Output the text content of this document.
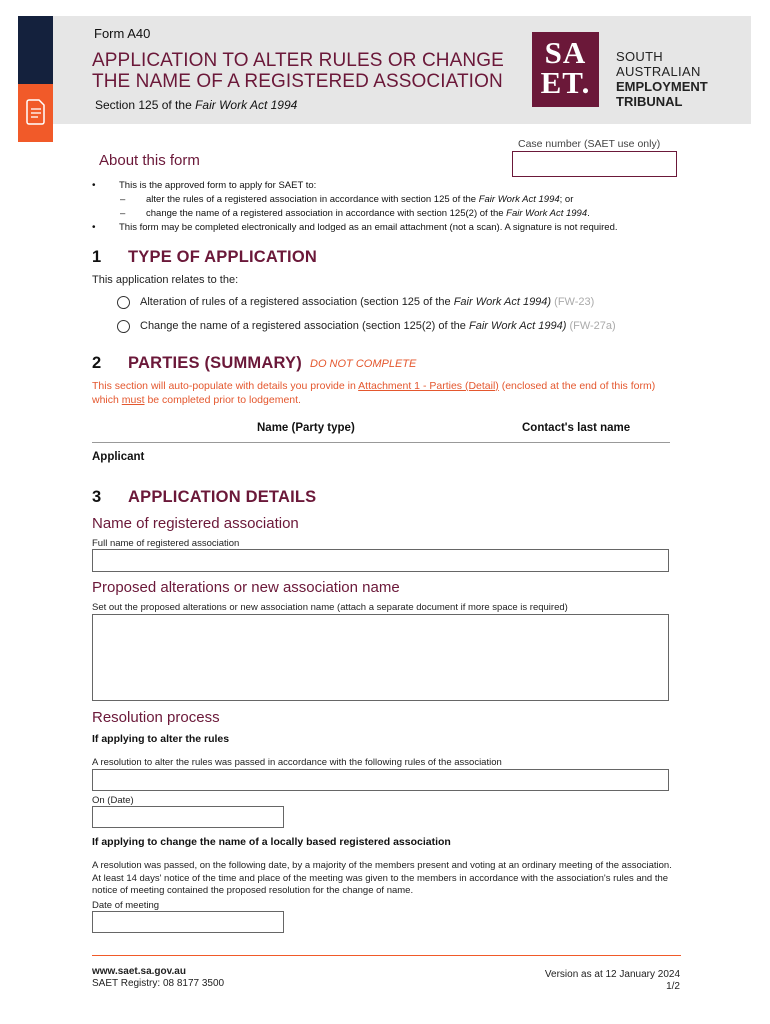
Form A40
APPLICATION TO ALTER RULES OR CHANGE THE NAME OF A REGISTERED ASSOCIATION
Section 125 of the Fair Work Act 1994
SA
ET.
SOUTH
AUSTRALIAN
EMPLOYMENT
TRIBUNAL
Case number (SAET use only)
About this form
• This is the approved form to apply for SAET to:
– alter the rules of a registered association in accordance with section 125 of the Fair Work Act 1994; or
– change the name of a registered association in accordance with section 125(2) of the Fair Work Act 1994.
• This form may be completed electronically and lodged as an email attachment (not a scan). A signature is not required.
1 TYPE OF APPLICATION
This application relates to the:
Alteration of rules of a registered association (section 125 of the Fair Work Act 1994) (FW-23)
Change the name of a registered association (section 125(2) of the Fair Work Act 1994) (FW-27a)
2 PARTIES (SUMMARY) DO NOT COMPLETE
This section will auto-populate with details you provide in Attachment 1 - Parties (Detail) (enclosed at the end of this form) which must be completed prior to lodgement.
Name (Party type)	Contact's last name
Applicant
3 APPLICATION DETAILS
Name of registered association
Full name of registered association
Proposed alterations or new association name
Set out the proposed alterations or new association name (attach a separate document if more space is required)
Resolution process
If applying to alter the rules
A resolution to alter the rules was passed in accordance with the following rules of the association
On (Date)
If applying to change the name of a locally based registered association
A resolution was passed, on the following date, by a majority of the members present and voting at an ordinary meeting of the association. At least 14 days' notice of the time and place of the meeting was given to the members in accordance with the association's rules and the notice of meeting contained the proposed resolution for the change of name.
Date of meeting
www.saet.sa.gov.au
SAET Registry: 08 8177 3500
Version as at 12 January 2024
1/2
